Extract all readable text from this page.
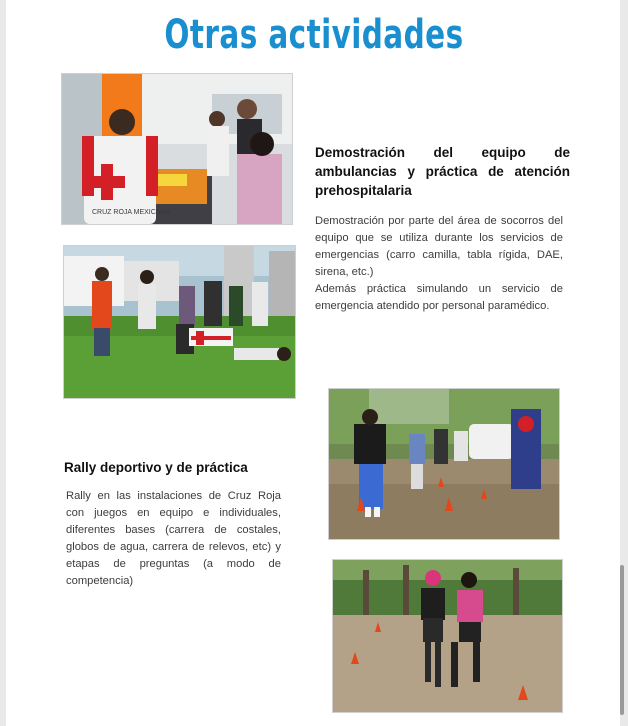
Otras actividades
CRUZ ROJA MEXICANA
Demostración del equipo de ambulancias y práctica de atención prehospitalaria
Demostración por parte del área de socorros del equipo que se utiliza durante los servicios de emergencias (carro camilla, tabla rígida, DAE, sirena, etc.)
Además práctica simulando un servicio de emergencia atendido por personal paramédico.
Rally deportivo y de práctica
Rally en las instalaciones de Cruz Roja con juegos en equipo e individuales, diferentes bases (carrera de costales, globos de agua, carrera de relevos, etc) y etapas de preguntas (a modo de competencia)
